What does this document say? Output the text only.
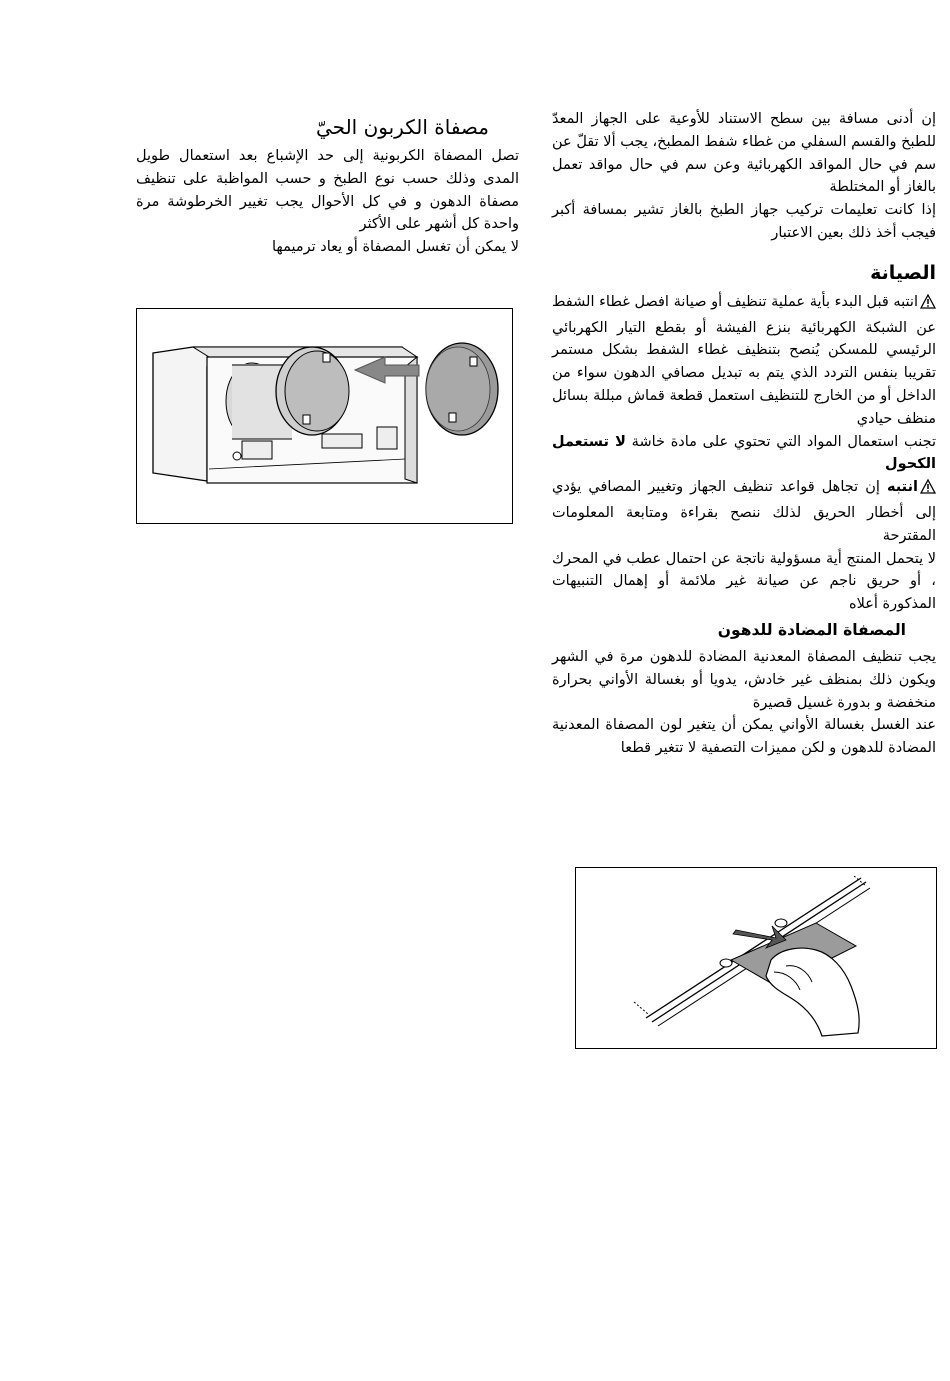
إن أدنى مسافة بين سطح الاستناد للأوعية على الجهاز المعدّ للطبخ والقسم السفلي من غطاء شفط المطبخ، يجب ألا تقلّ عن سم في حال المواقد الكهربائية وعن سم في حال مواقد تعمل بالغاز أو المختلطة

إذا كانت تعليمات تركيب جهاز الطبخ بالغاز تشير بمسافة أكبر فيجب أخذ ذلك بعين الاعتبار

الصيانة

انتبه قبل البدء بأية عملية تنظيف أو صيانة افصل غطاء الشفط عن الشبكة الكهربائية بنزع الفيشة أو بقطع التيار الكهربائي الرئيسي للمسكن يُنصح بتنظيف غطاء الشفط بشكل مستمر تقريبا بنفس التردد الذي يتم به تبديل مصافي الدهون سواء من الداخل أو من الخارج للتنظيف استعمل قطعة قماش مبللة بسائل منظف حيادي

تجنب استعمال المواد التي تحتوي على مادة خاشة لا تستعمل الكحول

انتبه إن تجاهل قواعد تنظيف الجهاز وتغيير المصافي يؤدي إلى أخطار الحريق لذلك ننصح بقراءة ومتابعة المعلومات المقترحة

لا يتحمل المنتج أية مسؤولية ناتجة عن احتمال عطب في المحرك ، أو حريق ناجم عن صيانة غير ملائمة أو إهمال التنبيهات المذكورة أعلاه

المصفاة المضادة للدهون

يجب تنظيف المصفاة المعدنية المضادة للدهون مرة في الشهر ويكون ذلك بمنظف غير خادش، يدويا أو بغسالة الأواني بحرارة منخفضة و بدورة غسيل قصيرة

عند الغسل بغسالة الأواني يمكن أن يتغير لون المصفاة المعدنية المضادة للدهون و لكن مميزات التصفية لا تتغير قطعا

مصفاة الكربون الحيّ

تصل المصفاة الكربونية إلى حد الإشباع بعد استعمال طويل المدى وذلك حسب نوع الطبخ و حسب المواظبة على تنظيف مصفاة الدهون و في كل الأحوال يجب تغيير الخرطوشة مرة واحدة كل أشهر على الأكثر

لا يمكن أن تغسل المصفاة أو يعاد ترميمها
